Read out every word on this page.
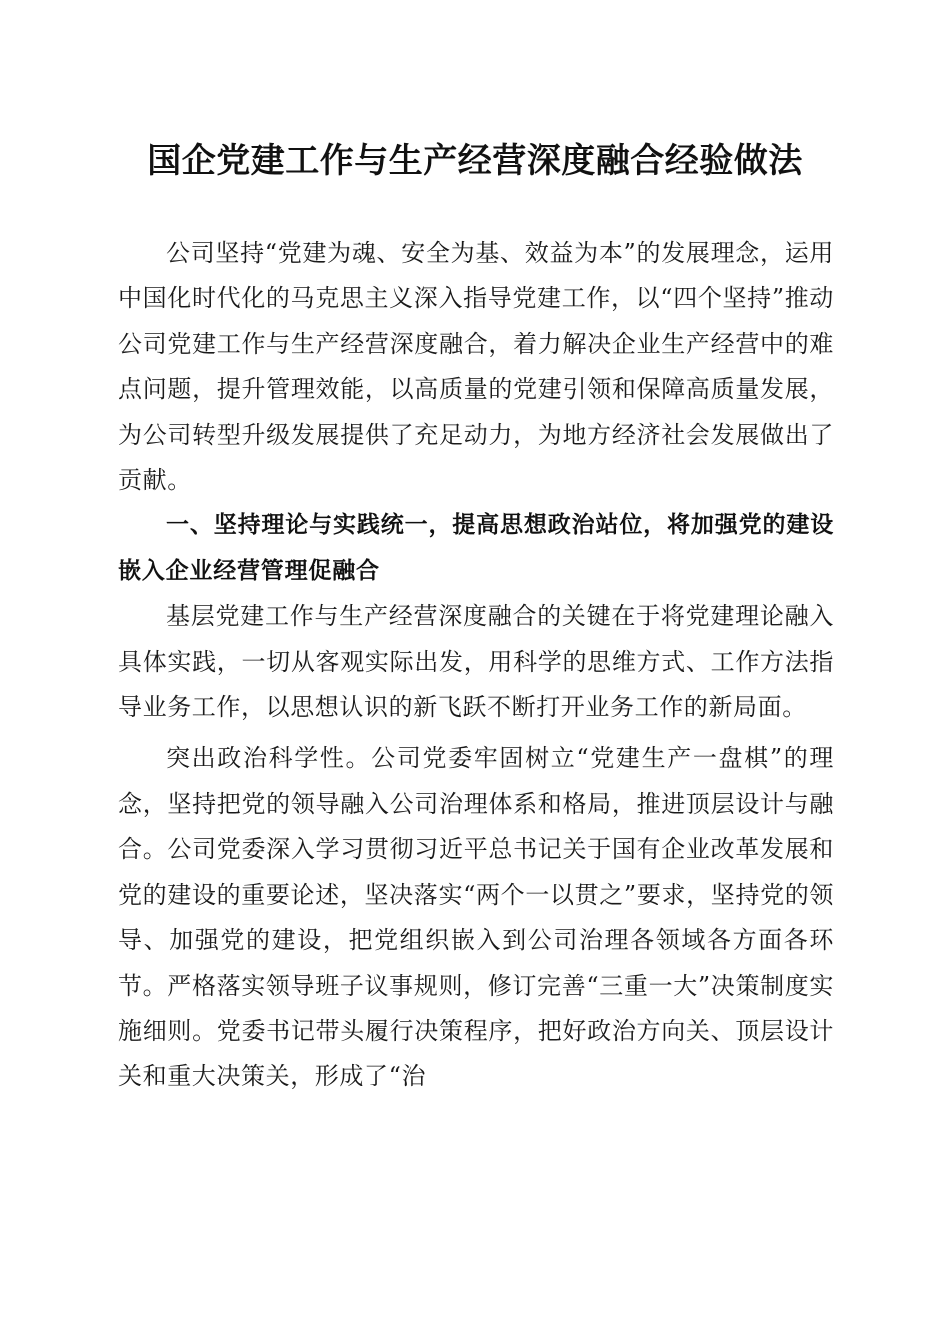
国企党建工作与生产经营深度融合经验做法

公司坚持“党建为魂、安全为基、效益为本”的发展理念，运用中国化时代化的马克思主义深入指导党建工作，以“四个坚持”推动公司党建工作与生产经营深度融合，着力解决企业生产经营中的难点问题，提升管理效能，以高质量的党建引领和保障高质量发展，为公司转型升级发展提供了充足动力，为地方经济社会发展做出了贡献。

一、坚持理论与实践统一，提高思想政治站位，将加强党的建设嵌入企业经营管理促融合

基层党建工作与生产经营深度融合的关键在于将党建理论融入具体实践，一切从客观实际出发，用科学的思维方式、工作方法指导业务工作，以思想认识的新飞跃不断打开业务工作的新局面。

突出政治科学性。公司党委牢固树立“党建生产一盘棋”的理念，坚持把党的领导融入公司治理体系和格局，推进顶层设计与融合。公司党委深入学习贯彻习近平总书记关于国有企业改革发展和党的建设的重要论述，坚决落实“两个一以贯之”要求，坚持党的领导、加强党的建设，把党组织嵌入到公司治理各领域各方面各环节。严格落实领导班子议事规则，修订完善“三重一大”决策制度实施细则。党委书记带头履行决策程序，把好政治方向关、顶层设计关和重大决策关，形成了“治
